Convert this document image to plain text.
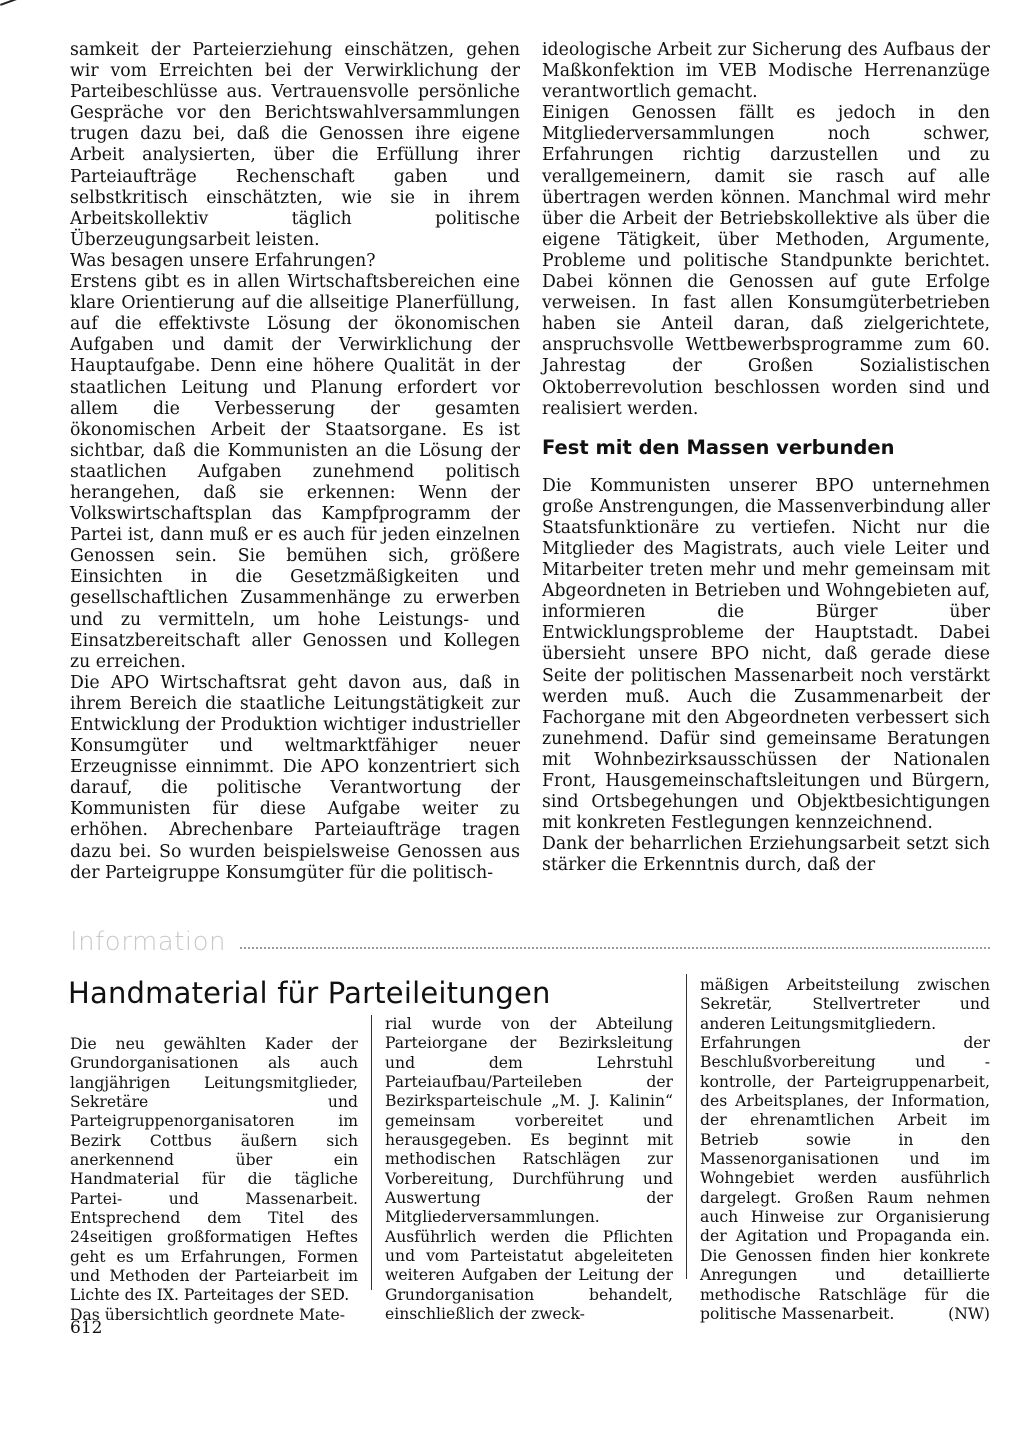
samkeit der Parteierziehung einschätzen, gehen wir vom Erreichten bei der Verwirklichung der Parteibeschlüsse aus. Vertrauensvolle persönliche Gespräche vor den Berichtswahlversammlungen trugen dazu bei, daß die Genossen ihre eigene Arbeit analysierten, über die Erfüllung ihrer Parteiaufträge Rechenschaft gaben und selbstkritisch einschätzten, wie sie in ihrem Arbeitskollektiv täglich politische Überzeugungsarbeit leisten.

Was besagen unsere Erfahrungen?

Erstens gibt es in allen Wirtschaftsbereichen eine klare Orientierung auf die allseitige Planerfüllung, auf die effektivste Lösung der ökonomischen Aufgaben und damit der Verwirklichung der Hauptaufgabe. Denn eine höhere Qualität in der staatlichen Leitung und Planung erfordert vor allem die Verbesserung der gesamten ökonomischen Arbeit der Staatsorgane. Es ist sichtbar, daß die Kommunisten an die Lösung der staatlichen Aufgaben zunehmend politisch herangehen, daß sie erkennen: Wenn der Volkswirtschaftsplan das Kampfprogramm der Partei ist, dann muß er es auch für jeden einzelnen Genossen sein. Sie bemühen sich, größere Einsichten in die Gesetzmäßigkeiten und gesellschaftlichen Zusammenhänge zu erwerben und zu vermitteln, um hohe Leistungs- und Einsatzbereitschaft aller Genossen und Kollegen zu erreichen.

Die APO Wirtschaftsrat geht davon aus, daß in ihrem Bereich die staatliche Leitungstätigkeit zur Entwicklung der Produktion wichtiger industrieller Konsumgüter und weltmarktfähiger neuer Erzeugnisse einnimmt. Die APO konzentriert sich darauf, die politische Verantwortung der Kommunisten für diese Aufgabe weiter zu erhöhen. Abrechenbare Parteiaufträge tragen dazu bei. So wurden beispielsweise Genossen aus der Parteigruppe Konsumgüter für die politisch-

ideologische Arbeit zur Sicherung des Aufbaus der Maßkonfektion im VEB Modische Herrenanzüge verantwortlich gemacht.

Einigen Genossen fällt es jedoch in den Mitgliederversammlungen noch schwer, Erfahrungen richtig darzustellen und zu verallgemeinern, damit sie rasch auf alle übertragen werden können. Manchmal wird mehr über die Arbeit der Betriebskollektive als über die eigene Tätigkeit, über Methoden, Argumente, Probleme und politische Standpunkte berichtet. Dabei können die Genossen auf gute Erfolge verweisen. In fast allen Konsumgüterbetrieben haben sie Anteil daran, daß zielgerichtete, anspruchsvolle Wettbewerbsprogramme zum 60. Jahrestag der Großen Sozialistischen Oktoberrevolution beschlossen worden sind und realisiert werden.

Fest mit den Massen verbunden

Die Kommunisten unserer BPO unternehmen große Anstrengungen, die Massenverbindung aller Staatsfunktionäre zu vertiefen. Nicht nur die Mitglieder des Magistrats, auch viele Leiter und Mitarbeiter treten mehr und mehr gemeinsam mit Abgeordneten in Betrieben und Wohngebieten auf, informieren die Bürger über Entwicklungsprobleme der Hauptstadt. Dabei übersieht unsere BPO nicht, daß gerade diese Seite der politischen Massenarbeit noch verstärkt werden muß. Auch die Zusammenarbeit der Fachorgane mit den Abgeordneten verbessert sich zunehmend. Dafür sind gemeinsame Beratungen mit Wohnbezirksausschüssen der Nationalen Front, Hausgemeinschaftsleitungen und Bürgern, sind Ortsbegehungen und Objektbesichtigungen mit konkreten Festlegungen kennzeichnend.

Dank der beharrlichen Erziehungsarbeit setzt sich stärker die Erkenntnis durch, daß der

Information
Handmaterial für Parteileitungen

Die neu gewählten Kader der Grundorganisationen als auch langjährigen Leitungsmitglieder, Sekretäre und Parteigruppenorganisatoren im Bezirk Cottbus äußern sich anerkennend über ein Handmaterial für die tägliche Partei- und Massenarbeit. Entsprechend dem Titel des 24seitigen großformatigen Heftes geht es um Erfahrungen, Formen und Methoden der Parteiarbeit im Lichte des IX. Parteitages der SED.

Das übersichtlich geordnete Mate-

rial wurde von der Abteilung Parteiorgane der Bezirksleitung und dem Lehrstuhl Parteiaufbau/Parteileben der Bezirksparteischule „M. J. Kalinin“ gemeinsam vorbereitet und herausgegeben. Es beginnt mit methodischen Ratschlägen zur Vorbereitung, Durchführung und Auswertung der Mitgliederversammlungen. Ausführlich werden die Pflichten und vom Parteistatut abgeleiteten weiteren Aufgaben der Leitung der Grundorganisation behandelt, einschließlich der zweck-

mäßigen Arbeitsteilung zwischen Sekretär, Stellvertreter und anderen Leitungsmitgliedern.

Erfahrungen der Beschlußvorbereitung und -kontrolle, der Parteigruppenarbeit, des Arbeitsplanes, der Information, der ehrenamtlichen Arbeit im Betrieb sowie in den Massenorganisationen und im Wohngebiet werden ausführlich dargelegt. Großen Raum nehmen auch Hinweise zur Organisierung der Agitation und Propaganda ein. Die Genossen finden hier konkrete Anregungen und detaillierte methodische Ratschläge für die politische Massenarbeit.	(NW)

612
